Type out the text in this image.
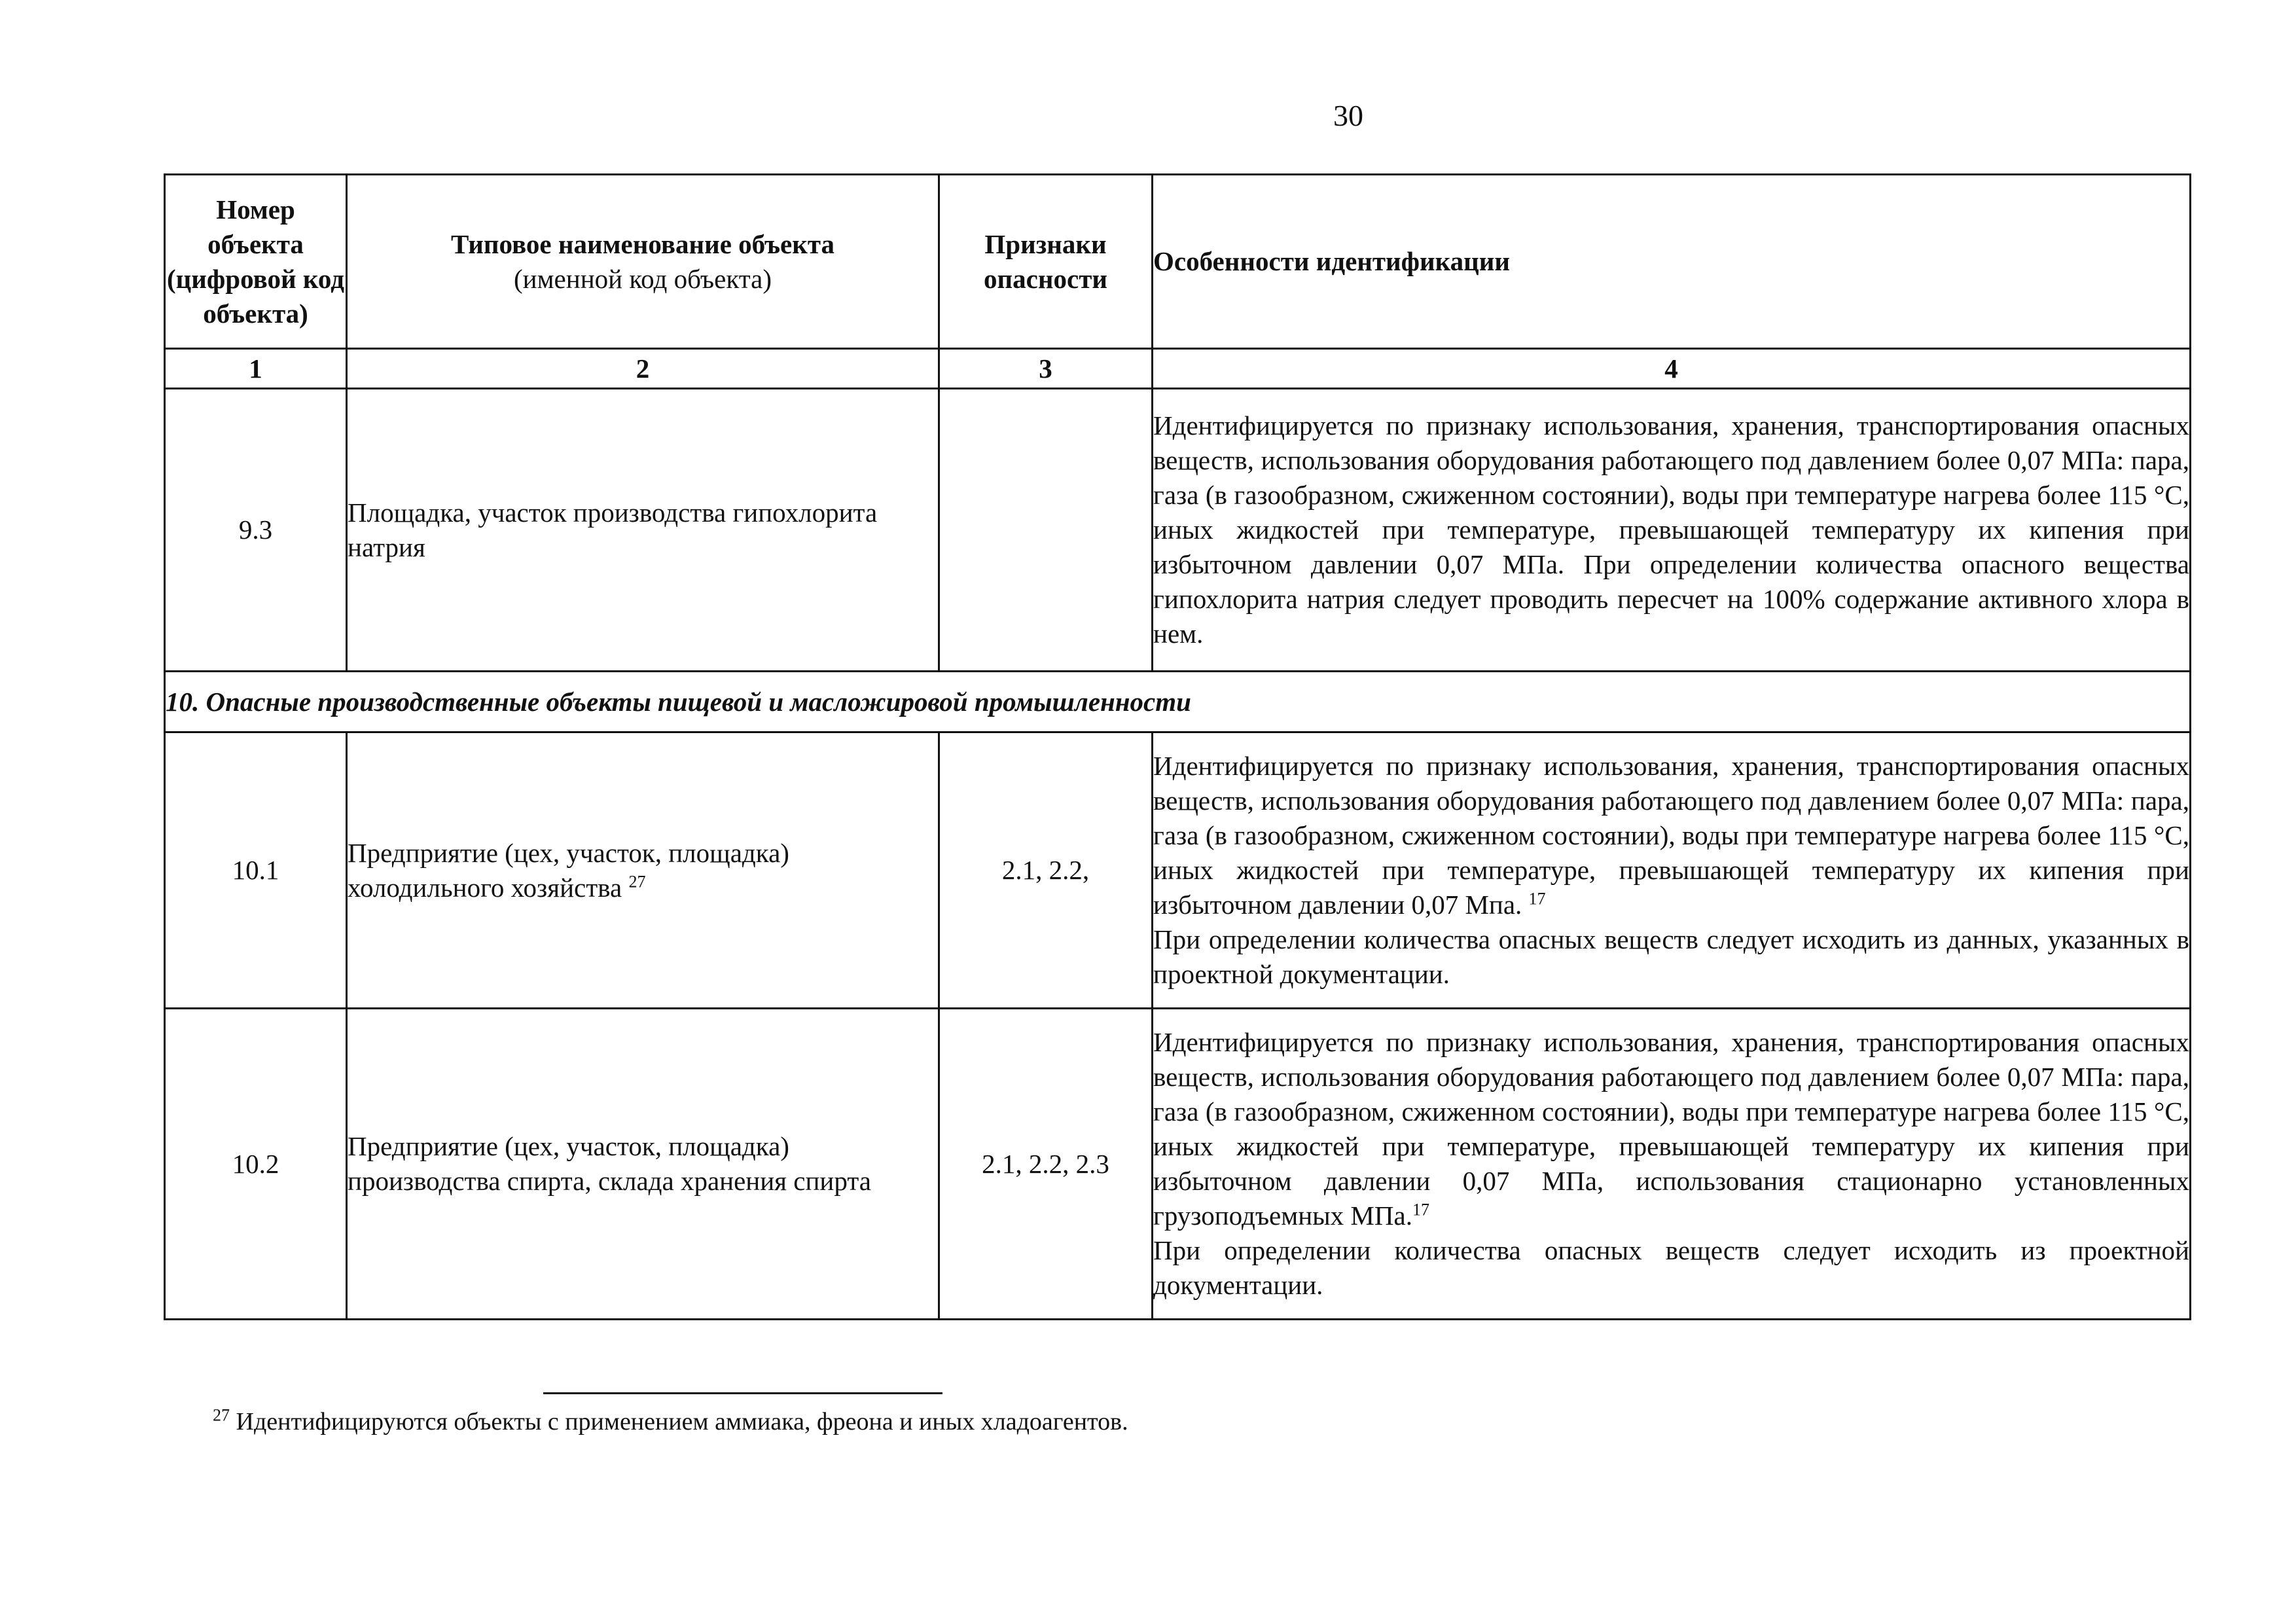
30
Номер объекта (цифровой код объекта)	Типовое наименование объекта
(именной код объекта)	Признаки опасности	Особенности идентификации
1	2	3	4
9.3	Площадка, участок производства гипохлорита натрия		Идентифицируется по признаку использования, хранения, транспортирования опасных веществ, использования оборудования работающего под давлением более 0,07 МПа: пара, газа (в газообразном, сжиженном состоянии), воды при температуре нагрева более 115 °С, иных жидкостей при температуре, превышающей температуру их кипения при избыточном давлении 0,07 МПа. При определении количества опасного вещества гипохлорита натрия следует проводить пересчет на 100% содержание активного хлора в нем.

10. Опасные производственные объекты пищевой и масложировой промышленности			
10.1	Предприятие (цех, участок, площадка) холодильного хозяйства $^{27}$	2.1, 2.2,	Идентифицируется по признаку использования, хранения, транспортирования опасных веществ, использования оборудования работающего под давлением более 0,07 МПа: пара, газа (в газообразном, сжиженном состоянии), воды при температуре нагрева более 115 °С, иных жидкостей при температуре, превышающей температуру их кипения при избыточном давлении 0,07 Мпа. $^{17}$

При определении количества опасных веществ следует исходить из данных, указанных в проектной документации.

10.2	Предприятие (цех, участок, площадка) производства спирта, склада хранения спирта	2.1, 2.2, 2.3	Идентифицируется по признаку использования, хранения, транспортирования опасных веществ, использования оборудования работающего под давлением более 0,07 МПа: пара, газа (в газообразном, сжиженном состоянии), воды при температуре нагрева более 115 °С, иных жидкостей при температуре, превышающей температуру их кипения при избыточном давлении 0,07 МПа, использования стационарно установленных грузоподъемных МПа.$^{17}$

При определении количества опасных веществ следует исходить из проектной документации.

$^{27}$ Идентифицируются объекты с применением аммиака, фреона и иных хладоагентов.
